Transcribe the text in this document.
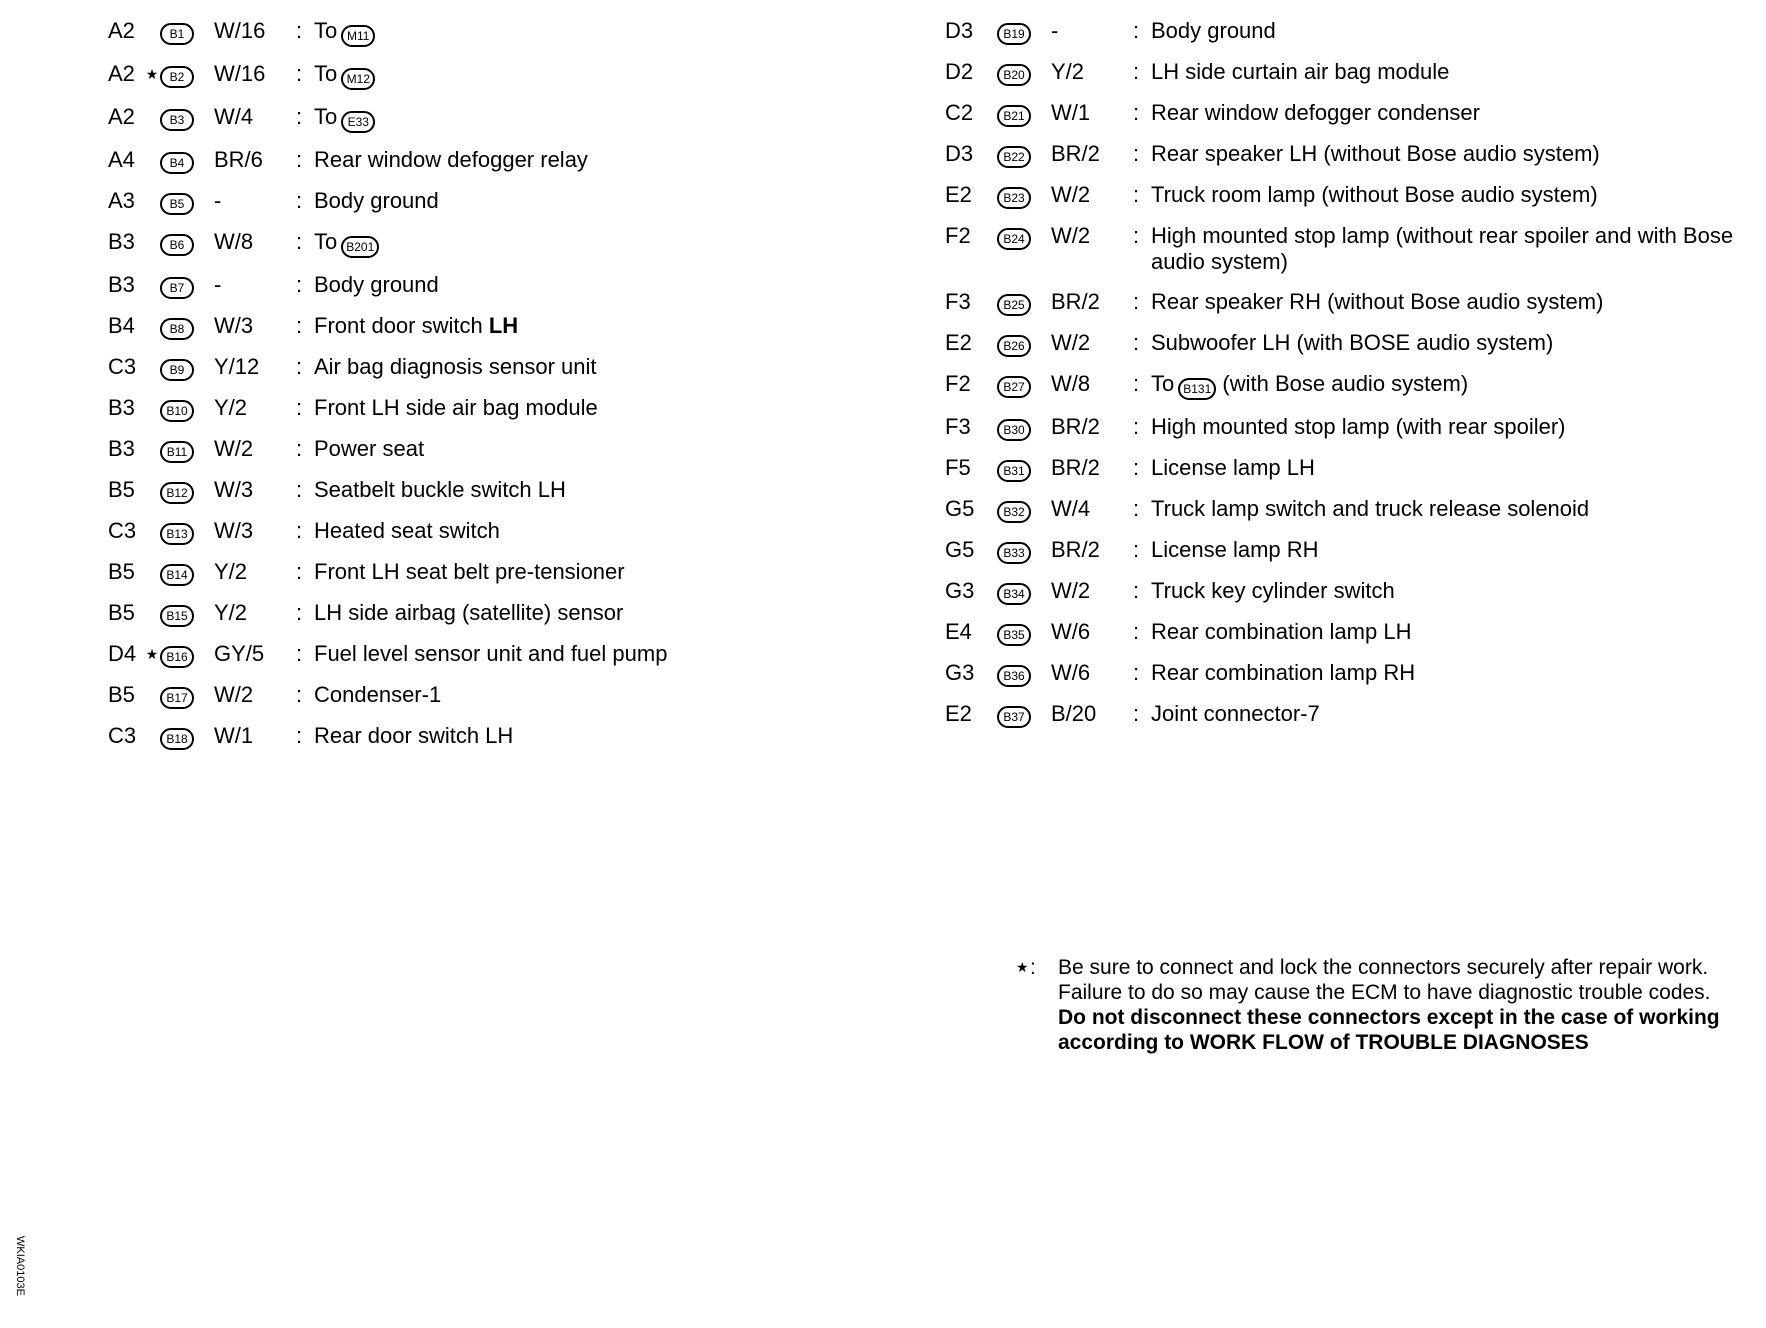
A2	B1	W/16	: To M11
A2 ★ B2	W/16	: To M12
A2	B3	W/4	: To E33
A4	B4	BR/6	: Rear window defogger relay
A3	B5	-	: Body ground
B3	B6	W/8	: To B201
B3	B7	-	: Body ground
B4	B8	W/3	: Front door switch LH
C3	B9	Y/12	: Air bag diagnosis sensor unit
B3	B10	Y/2	: Front LH side air bag module
B3	B11	W/2	: Power seat
B5	B12	W/3	: Seatbelt buckle switch LH
C3	B13	W/3	: Heated seat switch
B5	B14	Y/2	: Front LH seat belt pre-tensioner
B5	B15	Y/2	: LH side airbag (satellite) sensor
D4 ★ B16	GY/5	: Fuel level sensor unit and fuel pump
B5	B17	W/2	: Condenser-1
C3	B18	W/1	: Rear door switch LH
D3	B19	-	: Body ground
D2	B20	Y/2	: LH side curtain air bag module
C2	B21	W/1	: Rear window defogger condenser
D3	B22	BR/2	: Rear speaker LH (without Bose audio system)
E2	B23	W/2	: Truck room lamp (without Bose audio system)
F2	B24	W/2	: High mounted stop lamp (without rear spoiler and with Bose audio system)
F3	B25	BR/2	: Rear speaker RH (without Bose audio system)
E2	B26	W/2	: Subwoofer LH (with BOSE audio system)
F2	B27	W/8	: To B131 (with Bose audio system)
F3	B30	BR/2	: High mounted stop lamp (with rear spoiler)
F5	B31	BR/2	: License lamp LH
G5	B32	W/4	: Truck lamp switch and truck release solenoid
G5	B33	BR/2	: License lamp RH
G3	B34	W/2	: Truck key cylinder switch
E4	B35	W/6	: Rear combination lamp LH
G3	B36	W/6	: Rear combination lamp RH
E2	B37	B/20	: Joint connector-7
★ : Be sure to connect and lock the connectors securely after repair work. Failure to do so may cause the ECM to have diagnostic trouble codes.
Do not disconnect these connectors except in the case of working according to WORK FLOW of TROUBLE DIAGNOSES
WKIA0103E
